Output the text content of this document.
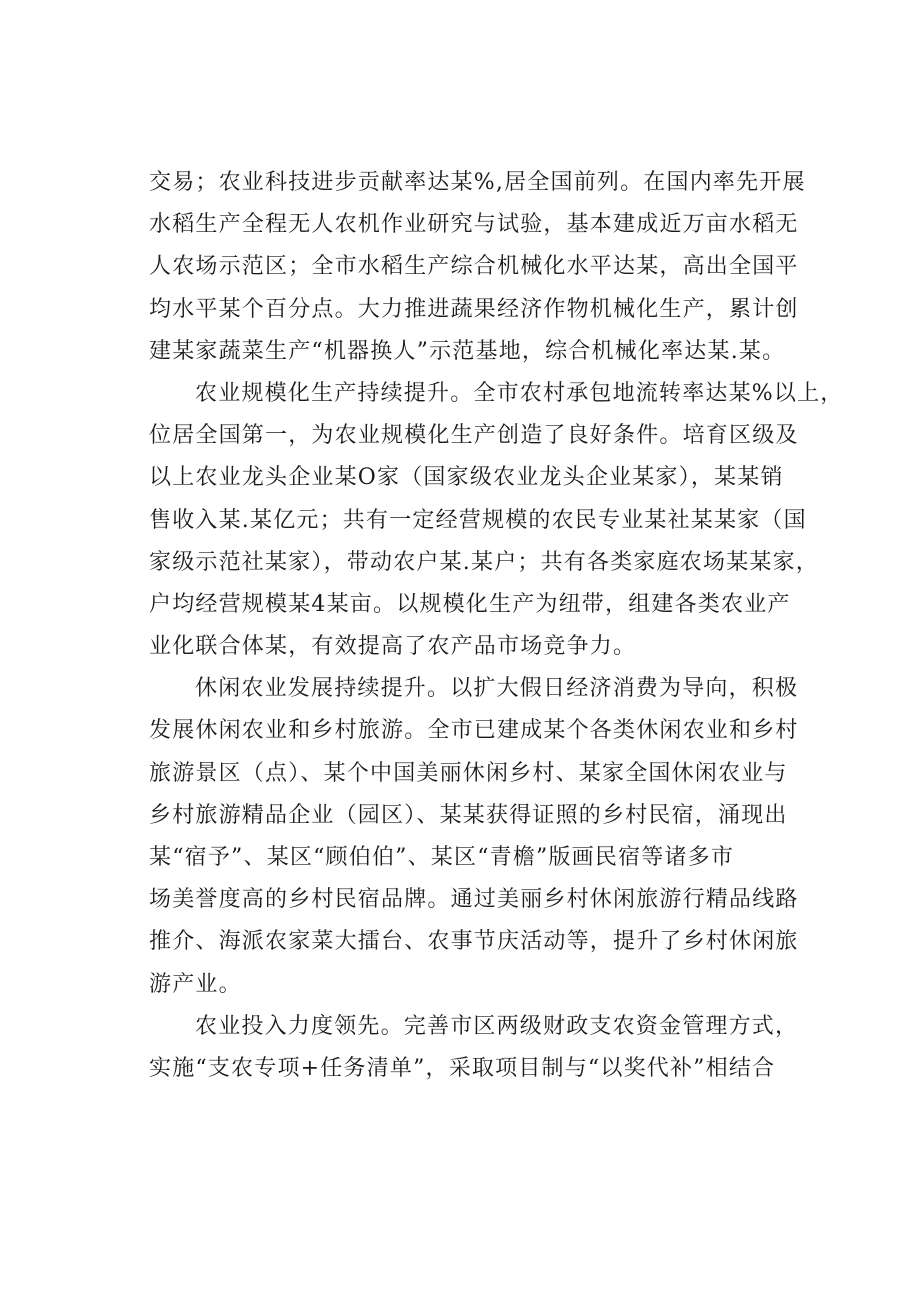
交易；农业科技进步贡献率达某%,居全国前列。在国内率先开展
水稻生产全程无人农机作业研究与试验，基本建成近万亩水稻无
人农场示范区；全市水稻生产综合机械化水平达某，高出全国平
均水平某个百分点。大力推进蔬果经济作物机械化生产，累计创
建某家蔬菜生产“机器换人”示范基地，综合机械化率达某.某。
农业规模化生产持续提升。全市农村承包地流转率达某%以上，
位居全国第一，为农业规模化生产创造了良好条件。培育区级及
以上农业龙头企业某O家（国家级农业龙头企业某家），某某销
售收入某.某亿元；共有一定经营规模的农民专业某社某某家（国
家级示范社某家），带动农户某.某户；共有各类家庭农场某某家，
户均经营规模某4某亩。以规模化生产为纽带，组建各类农业产
业化联合体某，有效提高了农产品市场竞争力。
休闲农业发展持续提升。以扩大假日经济消费为导向，积极
发展休闲农业和乡村旅游。全市已建成某个各类休闲农业和乡村
旅游景区（点）、某个中国美丽休闲乡村、某家全国休闲农业与
乡村旅游精品企业（园区）、某某获得证照的乡村民宿，涌现出
某“宿予”、某区“顾伯伯”、某区“青檐”版画民宿等诸多市
场美誉度高的乡村民宿品牌。通过美丽乡村休闲旅游行精品线路
推介、海派农家菜大擂台、农事节庆活动等，提升了乡村休闲旅
游产业。
农业投入力度领先。完善市区两级财政支农资金管理方式，
实施“支农专项+任务清单”，采取项目制与“以奖代补”相结合
